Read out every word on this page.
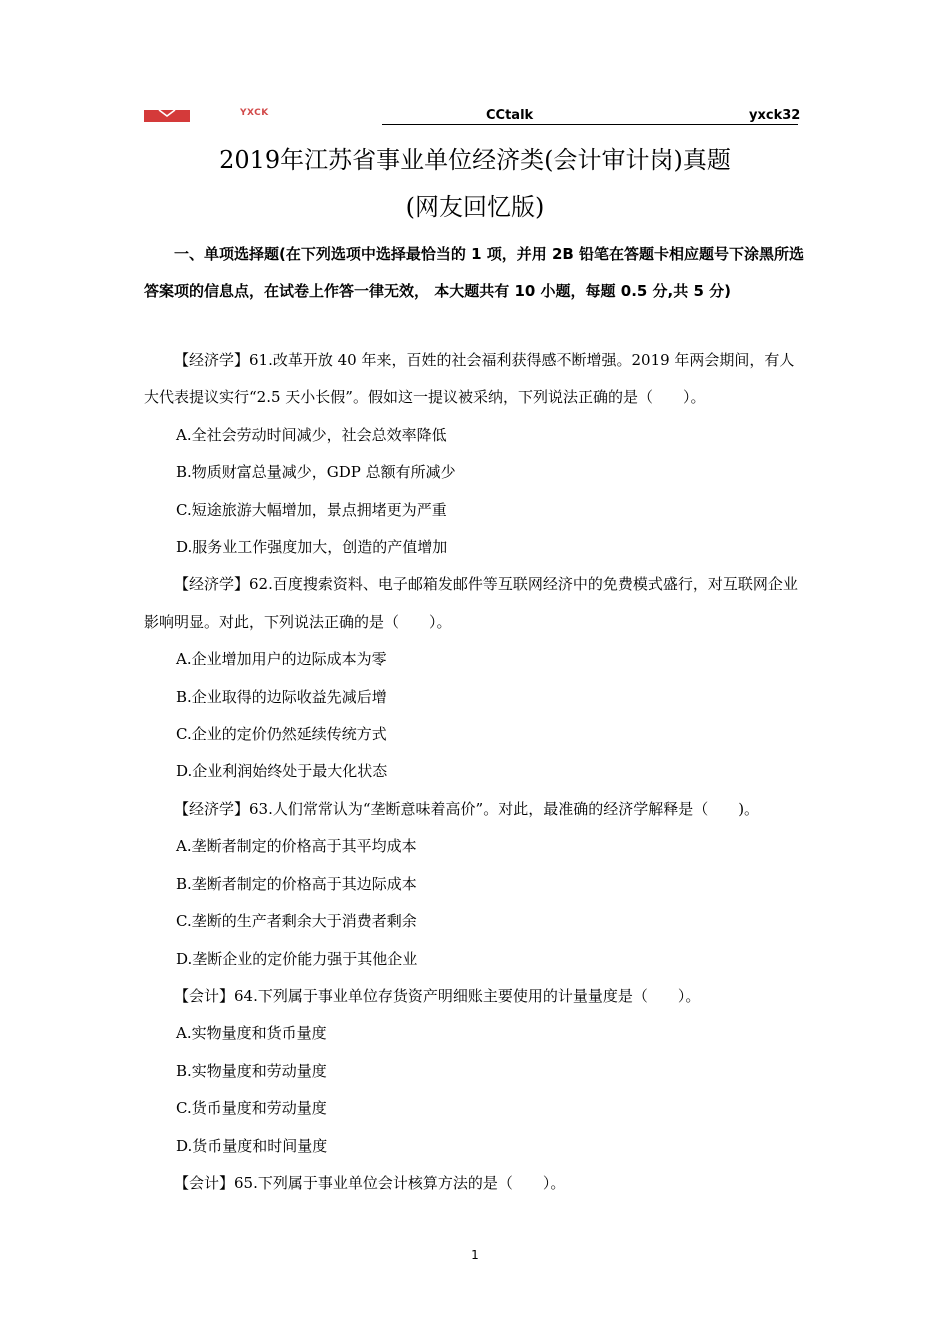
YXCK	CCtalk	yxck32
2019年江苏省事业单位经济类(会计审计岗)真题
(网友回忆版)
一、单项选择题(在下列选项中选择最恰当的 1 项，并用 2B 铅笔在答题卡相应题号下涂黑所选答案项的信息点，在试卷上作答一律无效， 本大题共有 10 小题，每题 0.5 分,共 5 分)

【经济学】61.改革开放 40 年来，百姓的社会福利获得感不断增强。2019 年两会期间，有人大代表提议实行“2.5 天小长假”。假如这一提议被采纳，下列说法正确的是（　　）。

A.全社会劳动时间减少，社会总效率降低

B.物质财富总量减少，GDP 总额有所减少

C.短途旅游大幅增加，景点拥堵更为严重

D.服务业工作强度加大，创造的产值增加

【经济学】62.百度搜索资料、电子邮箱发邮件等互联网经济中的免费模式盛行，对互联网企业影响明显。对此，下列说法正确的是（　　）。

A.企业增加用户的边际成本为零

B.企业取得的边际收益先减后增

C.企业的定价仍然延续传统方式

D.企业利润始终处于最大化状态

【经济学】63.人们常常认为“垄断意味着高价”。对此，最准确的经济学解释是（　　)。

A.垄断者制定的价格高于其平均成本

B.垄断者制定的价格高于其边际成本

C.垄断的生产者剩余大于消费者剩余

D.垄断企业的定价能力强于其他企业

【会计】64.下列属于事业单位存货资产明细账主要使用的计量量度是（　　）。

A.实物量度和货币量度

B.实物量度和劳动量度

C.货币量度和劳动量度

D.货币量度和时间量度

【会计】65.下列属于事业单位会计核算方法的是（　　）。

1
